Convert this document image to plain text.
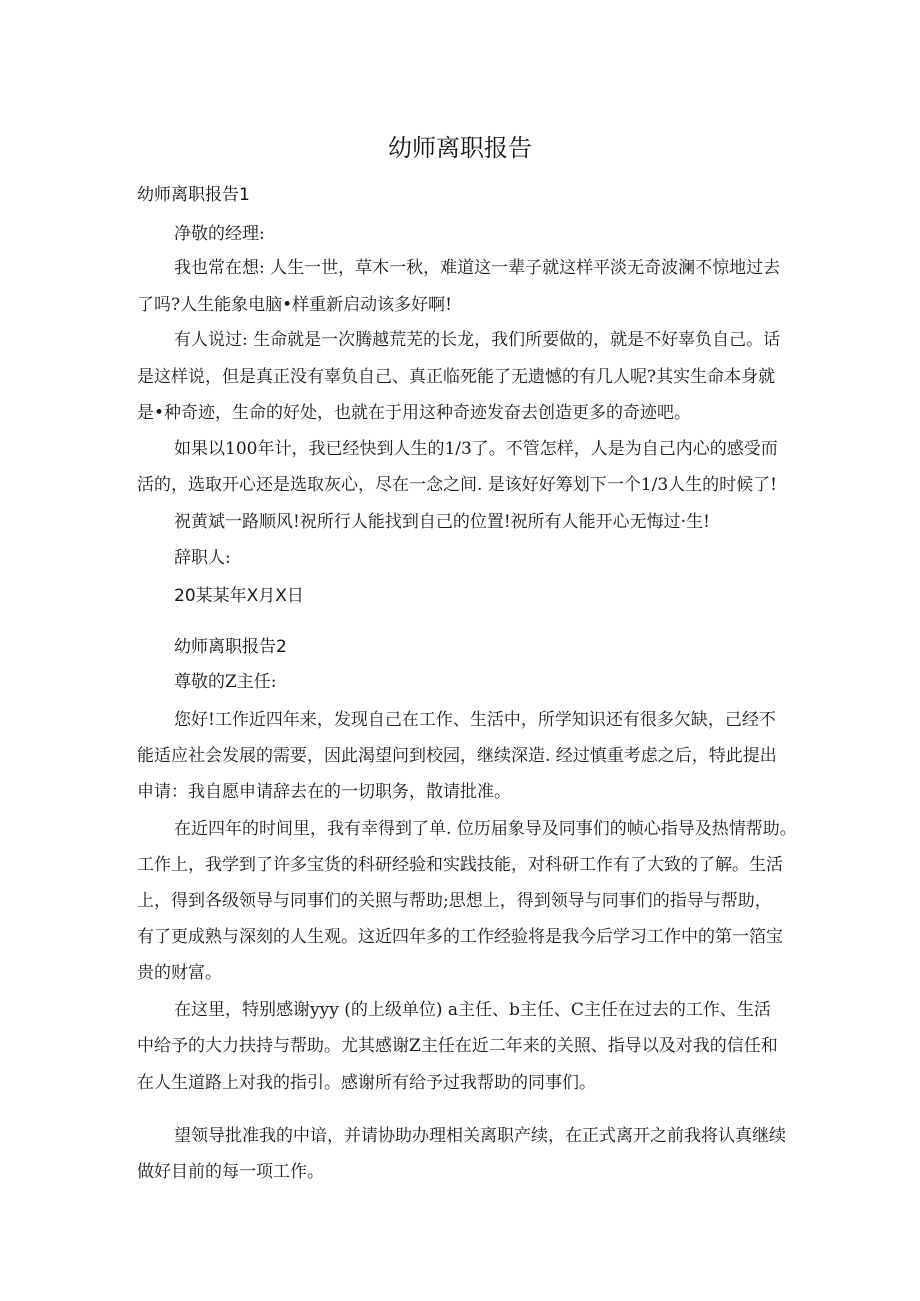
幼师离职报告
幼师离职报告1
净敬的经理:
我也常在想: 人生一世，草木一秋，难道这一辈子就这样平淡无奇波澜不惊地过去
了吗?人生能象电脑•样重新启动该多好啊!
有人说过: 生命就是一次腾越荒芜的长龙，我们所要做的，就是不好辜负自己。话
是这样说，但是真正没有辜负自己、真正临死能了无遗憾的有几人呢?其实生命本身就
是•种奇迹，生命的好处，也就在于用这种奇迹发奋去创造更多的奇迹吧。
如果以100年计，我已经快到人生的1/3了。不管怎样，人是为自己内心的感受而
活的，选取开心还是选取灰心，尽在一念之间. 是该好好筹划下一个1/3人生的时候了!
祝黄斌一路顺风!祝所行人能找到自己的位置!祝所有人能开心无悔过·生!
辞职人:
20某某年X月X日
幼师离职报告2
尊敬的Z主任:
您好!工作近四年来，发现自己在工作、生活中，所学知识还有很多欠缺，己经不
能适应社会发展的需要，因此渴望问到校园，继续深造. 经过慎重考虑之后，特此提出
申请：我自愿申请辞去在的一切职务，散请批准。
在近四年的时间里，我有幸得到了单. 位历届象导及同事们的帧心指导及热情帮助。
工作上，我学到了许多宝货的科研经验和实践技能，对科研工作有了大致的了解。生活
上，得到各级领导与同事们的关照与帮助;思想上，得到领导与同事们的指导与帮助，
有了更成熟与深刻的人生观。这近四年多的工作经验将是我今后学习工作中的第一箔宝
贵的财富。
在这里，特别感谢yyy (的上级单位) a主任、b主任、C主任在过去的工作、生活
中给予的大力扶持与帮助。尤其感谢Z主任在近二年来的关照、指导以及对我的信任和
在人生道路上对我的指引。感谢所有给予过我帮助的同事们。
望领导批准我的中谙，并请协助办理相关离职产续，在正式离开之前我将认真继续
做好目前的每一项工作。
